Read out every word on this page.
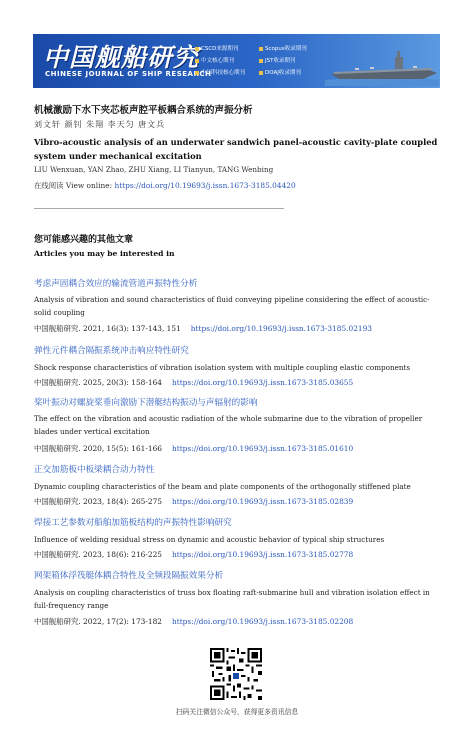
中国舰船研究
CHINESE JOURNAL OF SHIP RESEARCH
CSCD来源期刊	Scopus收录期刊
中文核心期刊	JST收录期刊
中国科技核心期刊	DOAJ收录期刊
机械激励下水下夹芯板声腔平板耦合系统的声振分析
刘文轩 颜钊 朱翔 李天匀 唐文兵
Vibro-acoustic analysis of an underwater sandwich panel-acoustic cavity-plate coupled system under mechanical excitation
LIU Wenxuan, YAN Zhao, ZHU Xiang, LI Tianyun, TANG Wenbing
在线阅读 View online: https://doi.org/10.19693/j.issn.1673-3185.04420
您可能感兴趣的其他文章
Articles you may be interested in
考虑声固耦合效应的输流管道声振特性分析
Analysis of vibration and sound characteristics of fluid conveying pipeline considering the effect of acoustic-solid coupling
中国舰船研究. 2021, 16(3): 137-143, 151 https://doi.org/10.19693/j.issn.1673-3185.02193
弹性元件耦合隔振系统冲击响应特性研究
Shock response characteristics of vibration isolation system with multiple coupling elastic components
中国舰船研究. 2025, 20(3): 158-164 https://doi.org/10.19693/j.issn.1673-3185.03655
桨叶振动对螺旋桨垂向激励下潜艇结构振动与声辐射的影响
The effect on the vibration and acoustic radiation of the whole submarine due to the vibration of propeller blades under vertical excitation
中国舰船研究. 2020, 15(5): 161-166 https://doi.org/10.19693/j.issn.1673-3185.01610
正交加筋板中板梁耦合动力特性
Dynamic coupling characteristics of the beam and plate components of the orthogonally stiffened plate
中国舰船研究. 2023, 18(4): 265-275 https://doi.org/10.19693/j.issn.1673-3185.02839
焊接工艺参数对船舶加筋板结构的声振特性影响研究
Influence of welding residual stress on dynamic and acoustic behavior of typical ship structures
中国舰船研究. 2023, 18(6): 216-225 https://doi.org/10.19693/j.issn.1673-3185.02778
网架箱体浮筏艇体耦合特性及全频段隔振效果分析
Analysis on coupling characteristics of truss box floating raft-submarine hull and vibration isolation effect in full-frequency range
中国舰船研究. 2022, 17(2): 173-182 https://doi.org/10.19693/j.issn.1673-3185.02208
扫码关注微信公众号，获得更多资讯信息
